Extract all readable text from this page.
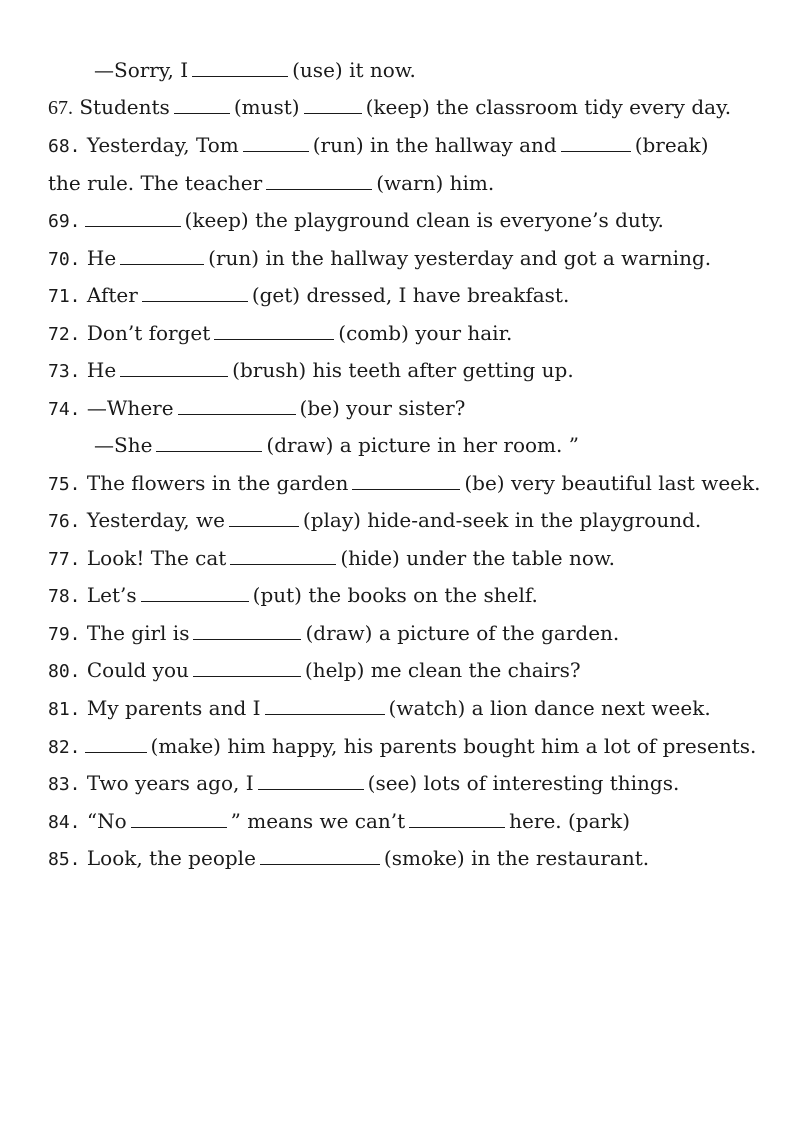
—Sorry, I	(use) it now.
67. Students	(must)	(keep) the classroom tidy every day.
68. Yesterday, Tom	(run) in the hallway and	(break)
the rule. The teacher	(warn) him.
69.	(keep) the playground clean is everyone’s duty.
70. He	(run) in the hallway yesterday and got a warning.
71. After	(get) dressed, I have breakfast.
72. Don’t forget	(comb) your hair.
73. He	(brush) his teeth after getting up.
74. —Where	(be) your sister?
—She	(draw) a picture in her room. ”
75. The flowers in the garden	(be) very beautiful last week.
76. Yesterday, we	(play) hide-and-seek in the playground.
77. Look! The cat	(hide) under the table now.
78. Let’s	(put) the books on the shelf.
79. The girl is	(draw) a picture of the garden.
80. Could you	(help) me clean the chairs?
81. My parents and I	(watch) a lion dance next week.
82.	(make) him happy, his parents bought him a lot of presents.
83. Two years ago, I	(see) lots of interesting things.
84. “No	” means we can’t	here. (park)
85. Look, the people	(smoke) in the restaurant.
